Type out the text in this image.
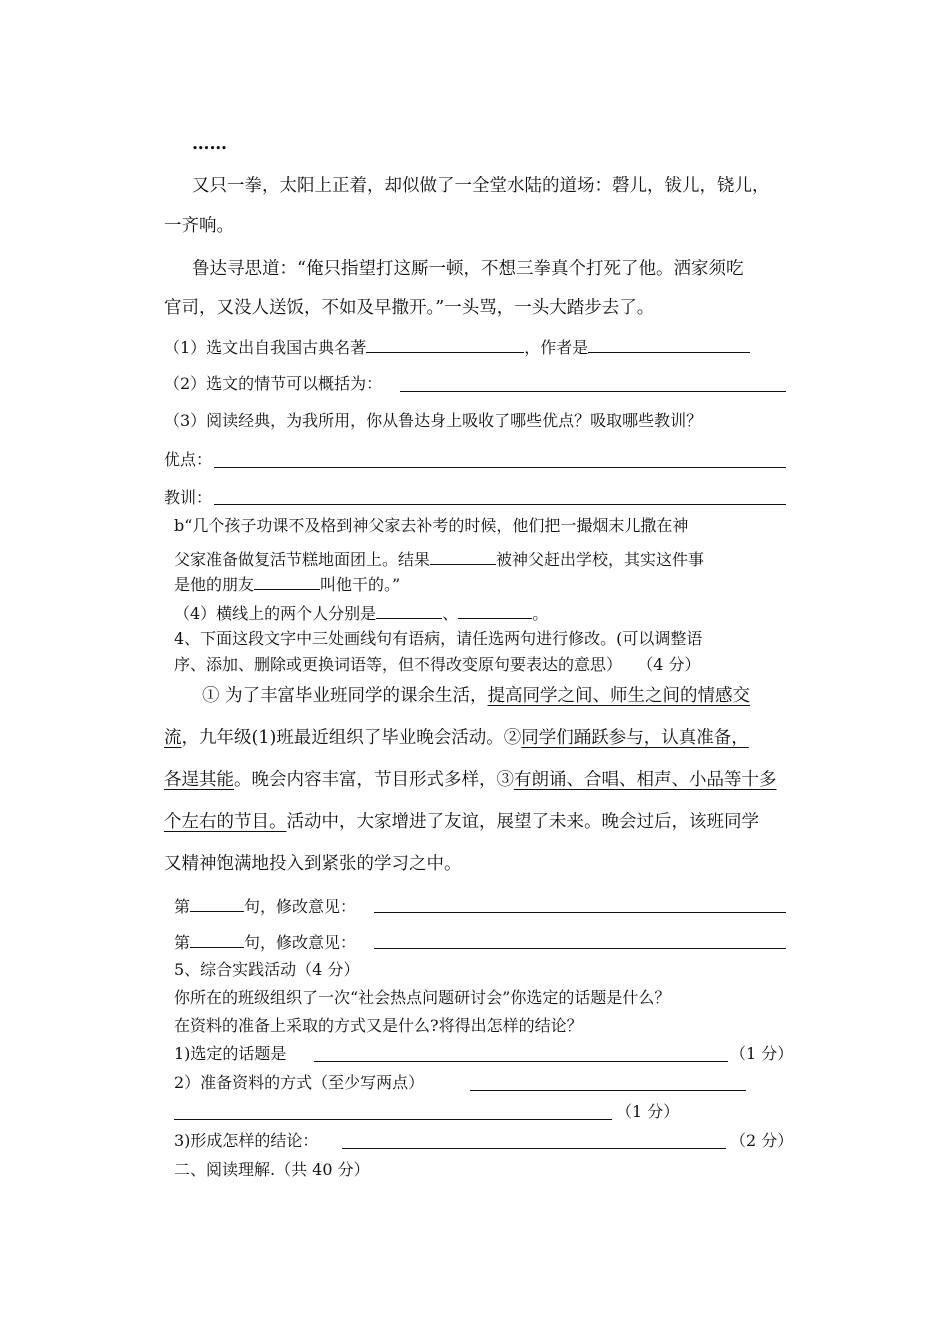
……
又只一拳，太阳上正着，却似做了一全堂水陆的道场：磬儿，钹儿，铙儿，
一齐响。
鲁达寻思道：“俺只指望打这厮一顿，不想三拳真个打死了他。洒家须吃
官司，又没人送饭，不如及早撒开。”一头骂，一头大踏步去了。
（1）选文出自我国古典名著	，作者是
（2）选文的情节可以概括为：
（3）阅读经典，为我所用，你从鲁达身上吸收了哪些优点？吸取哪些教训？
优点：
教训：
b“几个孩子功课不及格到神父家去补考的时候，他们把一撮烟末儿撒在神
父家准备做复活节糕地面团上。结果	被神父赶出学校，其实这件事
是他的朋友	叫他干的。”
（4）横线上的两个人分别是	、	。
4、下面这段文字中三处画线句有语病，请任选两句进行修改。(可以调整语
序、添加、删除或更换词语等，但不得改变原句要表达的意思）   （4 分）
① 为了丰富毕业班同学的课余生活，提高同学之间、师生之间的情感交
流，九年级(1)班最近组织了毕业晚会活动。②同学们踊跃参与，认真准备，
各逞其能。晚会内容丰富，节目形式多样，③有朗诵、合唱、相声、小品等十多
个左右的节目。活动中，大家增进了友谊，展望了未来。晚会过后，该班同学
又精神饱满地投入到紧张的学习之中。
第	句，修改意见：
第	句，修改意见：
5、综合实践活动（4 分）
你所在的班级组织了一次“社会热点问题研讨会”你选定的话题是什么？
在资料的准备上采取的方式又是什么?将得出怎样的结论？
1)选定的话题是	（1 分）
2）准备资料的方式（至少写两点）
（1 分）
3)形成怎样的结论：	（2 分）
二、阅读理解.（共 40 分）
